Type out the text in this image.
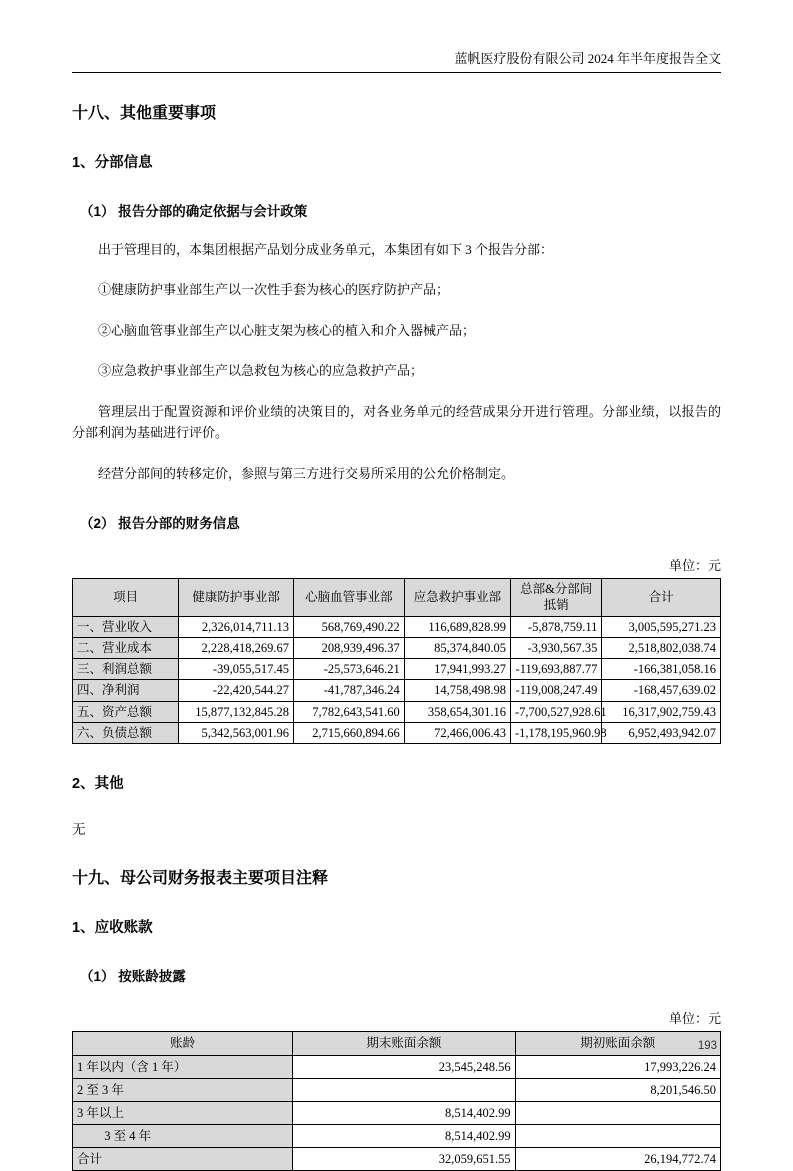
蓝帆医疗股份有限公司 2024 年半年度报告全文
十八、其他重要事项
1、分部信息
（1） 报告分部的确定依据与会计政策

出于管理目的，本集团根据产品划分成业务单元，本集团有如下 3 个报告分部：

①健康防护事业部生产以一次性手套为核心的医疗防护产品；

②心脑血管事业部生产以心脏支架为核心的植入和介入器械产品；

③应急救护事业部生产以急救包为核心的应急救护产品；

管理层出于配置资源和评价业绩的决策目的，对各业务单元的经营成果分开进行管理。分部业绩，以报告的分部利润为基础进行评价。

经营分部间的转移定价，参照与第三方进行交易所采用的公允价格制定。

（2） 报告分部的财务信息
单位：元
项目	健康防护事业部	心脑血管事业部	应急救护事业部	总部&分部间抵销	合计
一、营业收入	2,326,014,711.13	568,769,490.22	116,689,828.99	-5,878,759.11	3,005,595,271.23
二、营业成本	2,228,418,269.67	208,939,496.37	85,374,840.05	-3,930,567.35	2,518,802,038.74
三、利润总额	-39,055,517.45	-25,573,646.21	17,941,993.27	-119,693,887.77	-166,381,058.16
四、净利润	-22,420,544.27	-41,787,346.24	14,758,498.98	-119,008,247.49	-168,457,639.02
五、资产总额	15,877,132,845.28	7,782,643,541.60	358,654,301.16	-7,700,527,928.61	16,317,902,759.43
六、负债总额	5,342,563,001.96	2,715,660,894.66	72,466,006.43	-1,178,195,960.98	6,952,493,942.07
2、其他

无

十九、母公司财务报表主要项目注释
1、应收账款
（1） 按账龄披露
单位：元
账龄	期末账面余额	期初账面余额
1 年以内（含 1 年）	23,545,248.56	17,993,226.24
2 至 3 年		8,201,546.50
3 年以上	8,514,402.99	
3 至 4 年	8,514,402.99	
合计	32,059,651.55	26,194,772.74
193
